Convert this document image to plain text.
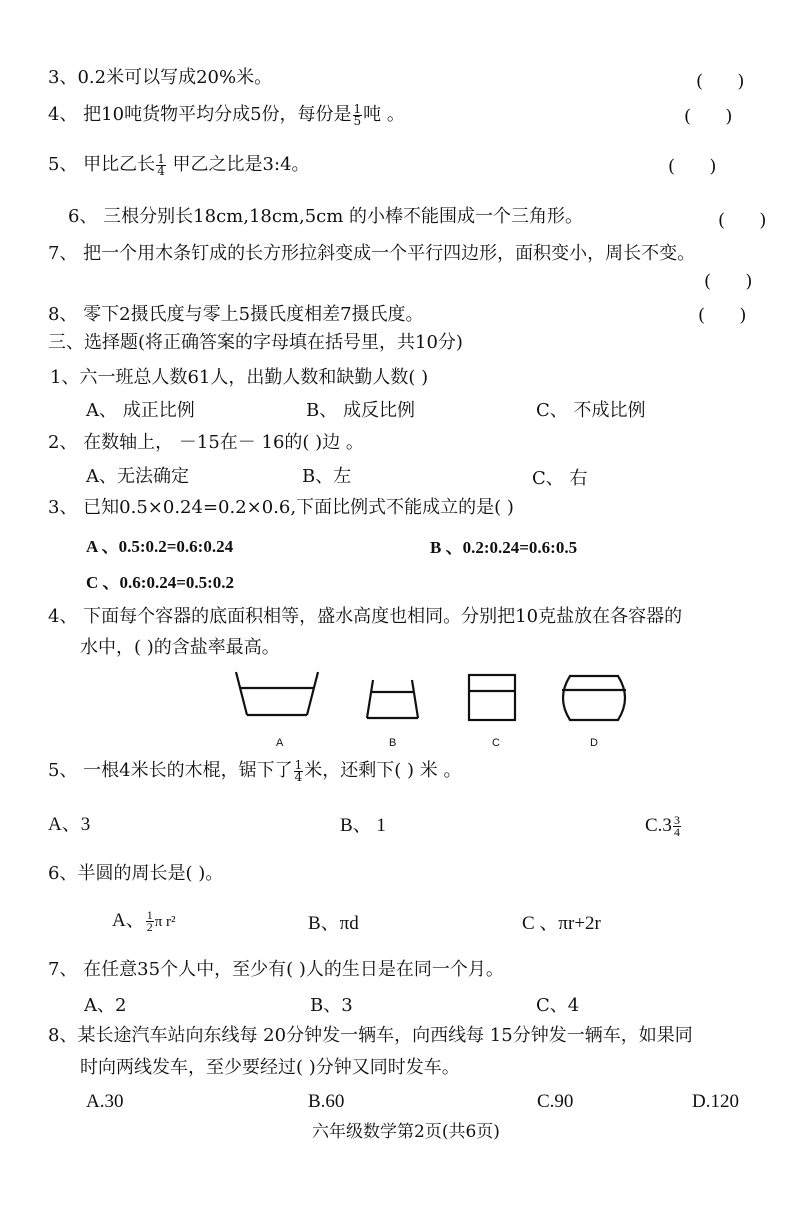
3、0.2米可以写成20%米。	(      )
4、 把10吨货物平均分成5份，每份是 $\frac{1}{5}$ 吨 。	(      )
5、 甲比乙长 $\frac{1}{4}$ 甲乙之比是3:4。	(      )
6、 三根分别长18cm,18cm,5cm 的小棒不能围成一个三角形。	(      )
7、 把一个用木条钉成的长方形拉斜变成一个平行四边形，面积变小，周长不变。
(      )
8、 零下2摄氏度与零上5摄氏度相差7摄氏度。	(      )
三、选择题(将正确答案的字母填在括号里，共10分)
1、六一班总人数61人，出勤人数和缺勤人数( )
A、 成正比例	B、 成反比例	C、 不成比例
2、 在数轴上， －15在－ 16的( )边 。
A、无法确定	B、左	C、 右
3、 已知0.5×0.24=0.2×0.6,下面比例式不能成立的是( )
A 、0.5:0.2=0.6:0.24	B 、0.2:0.24=0.6:0.5
C 、0.6:0.24=0.5:0.2
4、 下面每个容器的底面积相等，盛水高度也相同。分别把10克盐放在各容器的
水中，( )的含盐率最高。
A	B	C	D
5、 一根4米长的木棍，锯下了 $\frac{1}{4}$ 米，还剩下( ) 米 。
A、3	B、 1	$C.3 \frac{3}{4}$
6、半圆的周长是( )。
A、 $\frac{1}{2}$ π r²	B、πd	C 、πr+2r
7、 在任意35个人中，至少有( )人的生日是在同一个月。
A、2	B、3	C、4
8、某长途汽车站向东线每 20分钟发一辆车，向西线每 15分钟发一辆车，如果同
时向两线发车，至少要经过( )分钟又同时发车。
A.30	B.60	C.90	D.120
六年级数学第2页(共6页)
